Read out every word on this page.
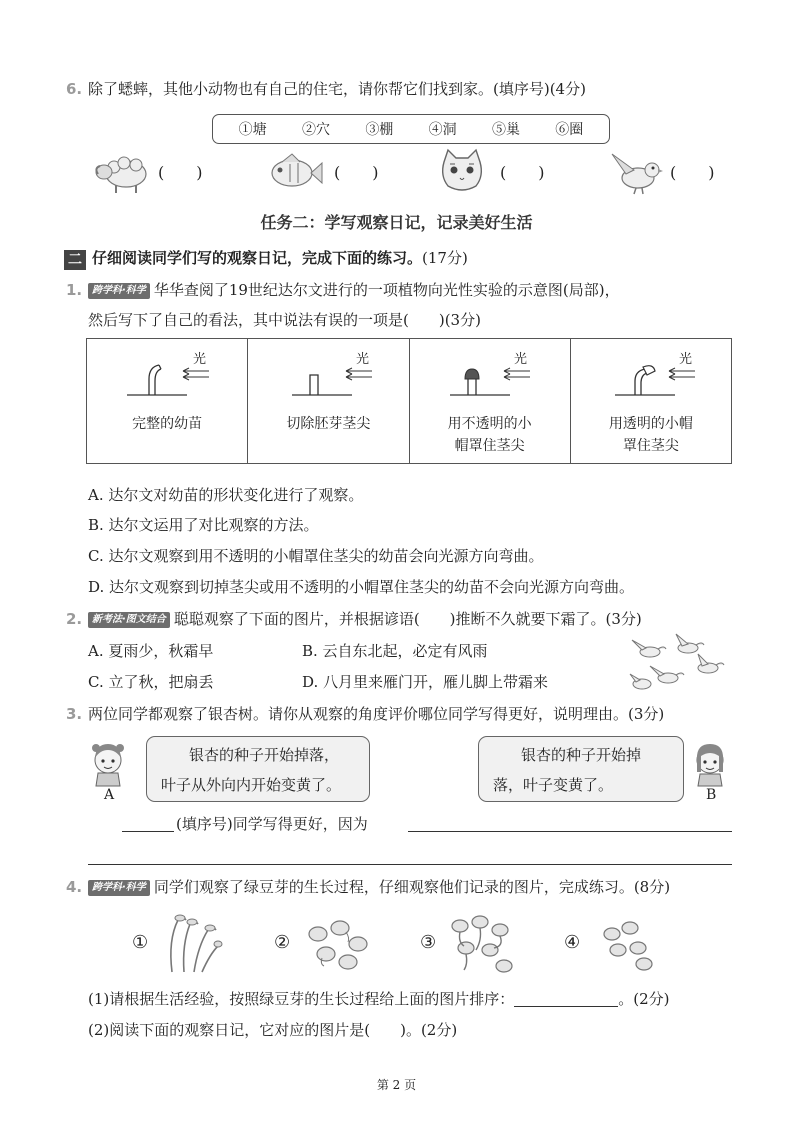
6. 除了蟋蟀，其他小动物也有自己的住宅，请你帮它们找到家。(填序号)(4分)
①塘	②穴	③棚	④洞	⑤巢	⑥圈
(　　)	(　　)	(　　)	(　　)
任务二：学写观察日记，记录美好生活
二 仔细阅读同学们写的观察日记，完成下面的练习。(17分)
1. 跨学科·科学 华华查阅了19世纪达尔文进行的一项植物向光性实验的示意图(局部)，
然后写下了自己的看法，其中说法有误的一项是(　　)(3分)
光
完整的幼苗

光
切除胚芽茎尖

光
用不透明的小
帽罩住茎尖

光
用透明的小帽
罩住茎尖
A. 达尔文对幼苗的形状变化进行了观察。
B. 达尔文运用了对比观察的方法。
C. 达尔文观察到用不透明的小帽罩住茎尖的幼苗会向光源方向弯曲。
D. 达尔文观察到切掉茎尖或用不透明的小帽罩住茎尖的幼苗不会向光源方向弯曲。
2. 新考法·图文结合 聪聪观察了下面的图片，并根据谚语(　　)推断不久就要下霜了。(3分)
A. 夏雨少，秋霜早	B. 云自东北起，必定有风雨
C. 立了秋，把扇丢	D. 八月里来雁门开，雁儿脚上带霜来
3. 两位同学都观察了银杏树。请你从观察的角度评价哪位同学写得更好，说明理由。(3分)
A
银杏的种子开始掉落，
叶子从外向内开始变黄了。
银杏的种子开始掉
落，叶子变黄了。
B
(填序号)同学写得更好，因为
4. 跨学科·科学 同学们观察了绿豆芽的生长过程，仔细观察他们记录的图片，完成练习。(8分)
①	②	③	④
(1)请根据生活经验，按照绿豆芽的生长过程给上面的图片排序：	。(2分)
(2)阅读下面的观察日记，它对应的图片是(　　)。(2分)
第 2 页
